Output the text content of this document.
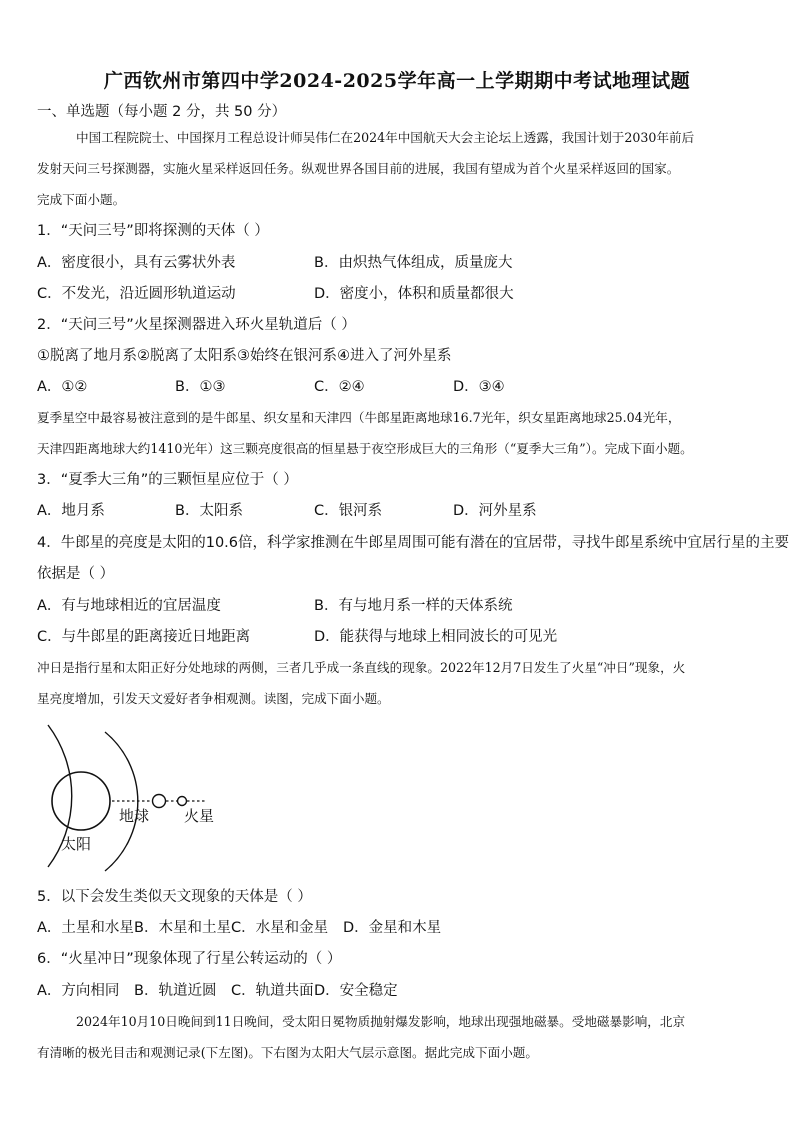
广西钦州市第四中学2024-2025学年高一上学期期中考试地理试题
一、单选题（每小题 2 分，共 50 分）
中国工程院院士、中国探月工程总设计师吴伟仁在2024年中国航天大会主论坛上透露，我国计划于2030年前后
发射天问三号探测器，实施火星采样返回任务。纵观世界各国目前的进展，我国有望成为首个火星采样返回的国家。
完成下面小题。
1．“天问三号”即将探测的天体（ ）
A．密度很小，具有云雾状外表	B．由炽热气体组成，质量庞大
C．不发光，沿近圆形轨道运动	D．密度小，体积和质量都很大
2．“天问三号”火星探测器进入环火星轨道后（ ）
①脱离了地月系②脱离了太阳系③始终在银河系④进入了河外星系
A．①②	B．①③	C．②④	D．③④
夏季星空中最容易被注意到的是牛郎星、织女星和天津四（牛郎星距离地球16.7光年，织女星距离地球25.04光年，
天津四距离地球大约1410光年）这三颗亮度很高的恒星悬于夜空形成巨大的三角形（“夏季大三角”）。完成下面小题。
3．“夏季大三角”的三颗恒星应位于（ ）
A．地月系	B．太阳系	C．银河系	D．河外星系
4．牛郎星的亮度是太阳的10.6倍，科学家推测在牛郎星周围可能有潜在的宜居带，寻找牛郎星系统中宜居行星的主要
依据是（ ）
A．有与地球相近的宜居温度	B．有与地月系一样的天体系统
C．与牛郎星的距离接近日地距离	D．能获得与地球上相同波长的可见光
冲日是指行星和太阳正好分处地球的两侧，三者几乎成一条直线的现象。2022年12月7日发生了火星“冲日”现象，火
星亮度增加，引发天文爱好者争相观测。读图，完成下面小题。
太阳
地球 火星
5．以下会发生类似天文现象的天体是（ ）
A．土星和水星 B．木星和土星 C．水星和金星 D．金星和木星
6．“火星冲日”现象体现了行星公转运动的（ ）
A．方向相同 B．轨道近圆 C．轨道共面 D．安全稳定
2024年10月10日晚间到11日晚间，受太阳日冕物质抛射爆发影响，地球出现强地磁暴。受地磁暴影响，北京
有清晰的极光目击和观测记录(下左图)。下右图为太阳大气层示意图。据此完成下面小题。
